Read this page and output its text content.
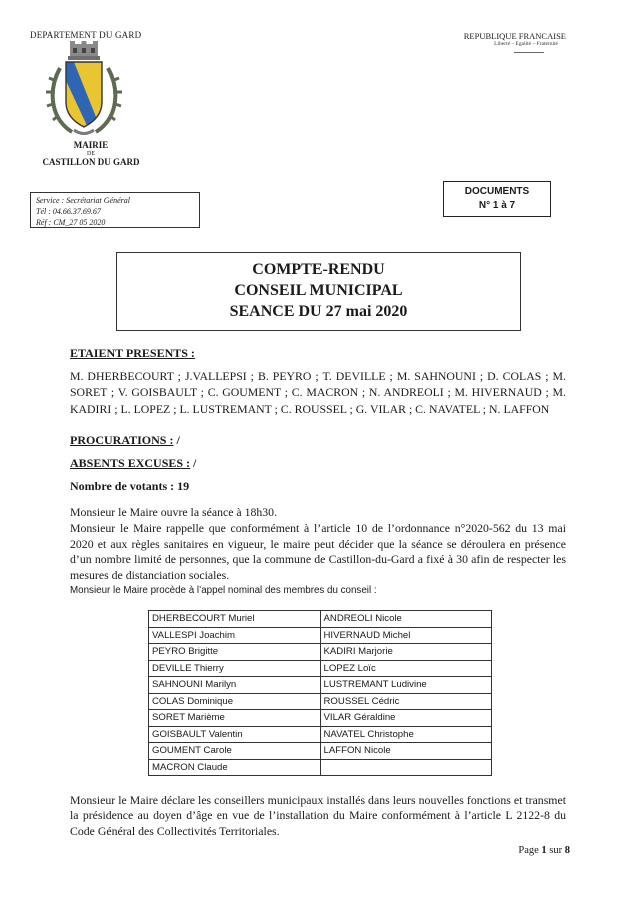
DEPARTEMENT DU GARD	REPUBLIQUE FRANCAISE
Liberté – Egalité – Fraternité
MAIRIE
DE
CASTILLON DU GARD
Service : Secrétariat Général
Tél : 04.66.37.69.67
Réf : CM_27 05 2020
DOCUMENTS
N° 1 à 7
COMPTE-RENDU
CONSEIL MUNICIPAL
SEANCE DU 27 mai 2020
ETAIENT PRESENTS :
M. DHERBECOURT ; J.VALLEPSI ; B. PEYRO ; T. DEVILLE ; M. SAHNOUNI ; D. COLAS ; M. SORET ; V. GOISBAULT ; C. GOUMENT ; C. MACRON ; N. ANDREOLI ; M. HIVERNAUD ; M. KADIRI ; L. LOPEZ ; L. LUSTREMANT ; C. ROUSSEL ; G. VILAR ; C. NAVATEL ; N. LAFFON
PROCURATIONS : /
ABSENTS EXCUSES : /
Nombre de votants : 19

Monsieur le Maire ouvre la séance à 18h30.

Monsieur le Maire rappelle que conformément à l’article 10 de l’ordonnance n°2020-562 du 13 mai 2020 et aux règles sanitaires en vigueur, le maire peut décider que la séance se déroulera en présence d’un nombre limité de personnes, que la commune de Castillon-du-Gard a fixé à 30 afin de respecter les mesures de distanciation sociales.

Monsieur le Maire procède à l’appel nominal des membres du conseil :

DHERBECOURT Muriel	ANDREOLI Nicole
VALLESPI Joachim	HIVERNAUD Michel
PEYRO Brigitte	KADIRI Marjorie
DEVILLE Thierry	LOPEZ Loïc
SAHNOUNI Marilyn	LUSTREMANT Ludivine
COLAS Dominique	ROUSSEL Cédric
SORET Marième	VILAR Géraldine
GOISBAULT Valentin	NAVATEL Christophe
GOUMENT Carole	LAFFON Nicole
MACRON Claude	
Monsieur le Maire déclare les conseillers municipaux installés dans leurs nouvelles fonctions et transmet la présidence au doyen d’âge en vue de l’installation du Maire conformément à l’article L 2122-8 du Code Général des Collectivités Territoriales.
Page 1 sur 8
